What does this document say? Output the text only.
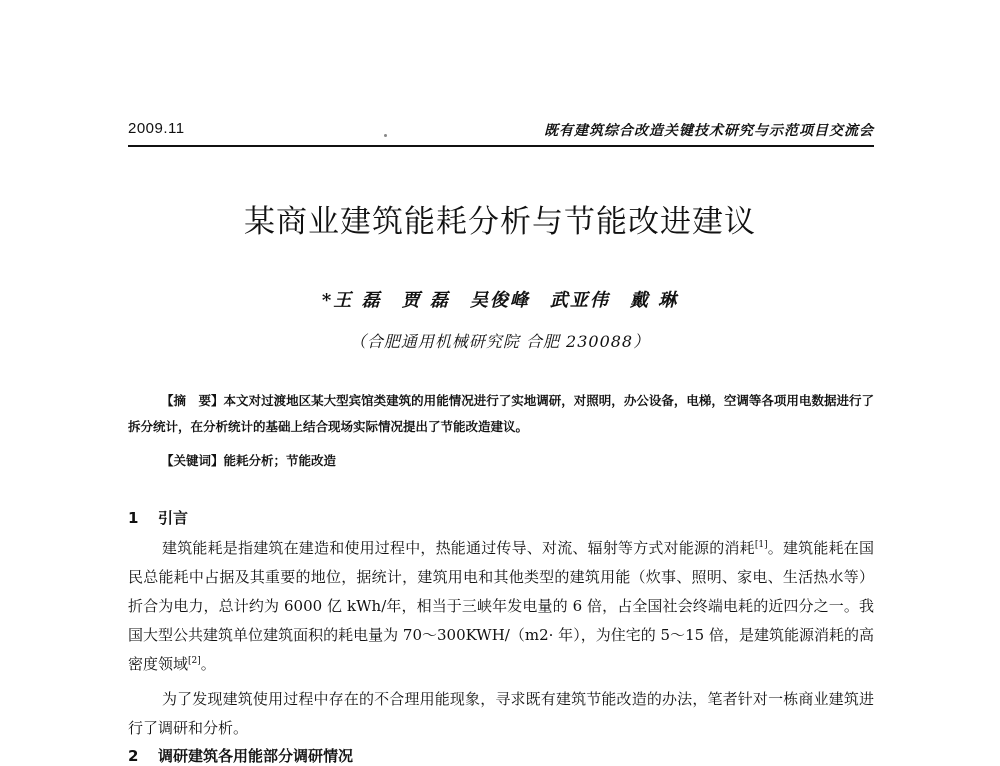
2009.11	既有建筑综合改造关键技术研究与示范项目交流会
某商业建筑能耗分析与节能改进建议
*王 磊　贾 磊　吴俊峰　武亚伟　戴 琳
（合肥通用机械研究院 合肥 230088）
【摘　要】本文对过渡地区某大型宾馆类建筑的用能情况进行了实地调研，对照明，办公设备，电梯，空调等各项用电数据进行了拆分统计，在分析统计的基础上结合现场实际情况提出了节能改造建议。
【关键词】能耗分析；节能改造
1 引言
建筑能耗是指建筑在建造和使用过程中，热能通过传导、对流、辐射等方式对能源的消耗[1]。建筑能耗在国民总能耗中占据及其重要的地位，据统计，建筑用电和其他类型的建筑用能（炊事、照明、家电、生活热水等）折合为电力，总计约为 6000 亿 kWh/年，相当于三峡年发电量的 6 倍，占全国社会终端电耗的近四分之一。我国大型公共建筑单位建筑面积的耗电量为 70～300KWH/（m2· 年），为住宅的 5～15 倍，是建筑能源消耗的高密度领域[2]。
为了发现建筑使用过程中存在的不合理用能现象，寻求既有建筑节能改造的办法，笔者针对一栋商业建筑进行了调研和分析。
2 调研建筑各用能部分调研情况
